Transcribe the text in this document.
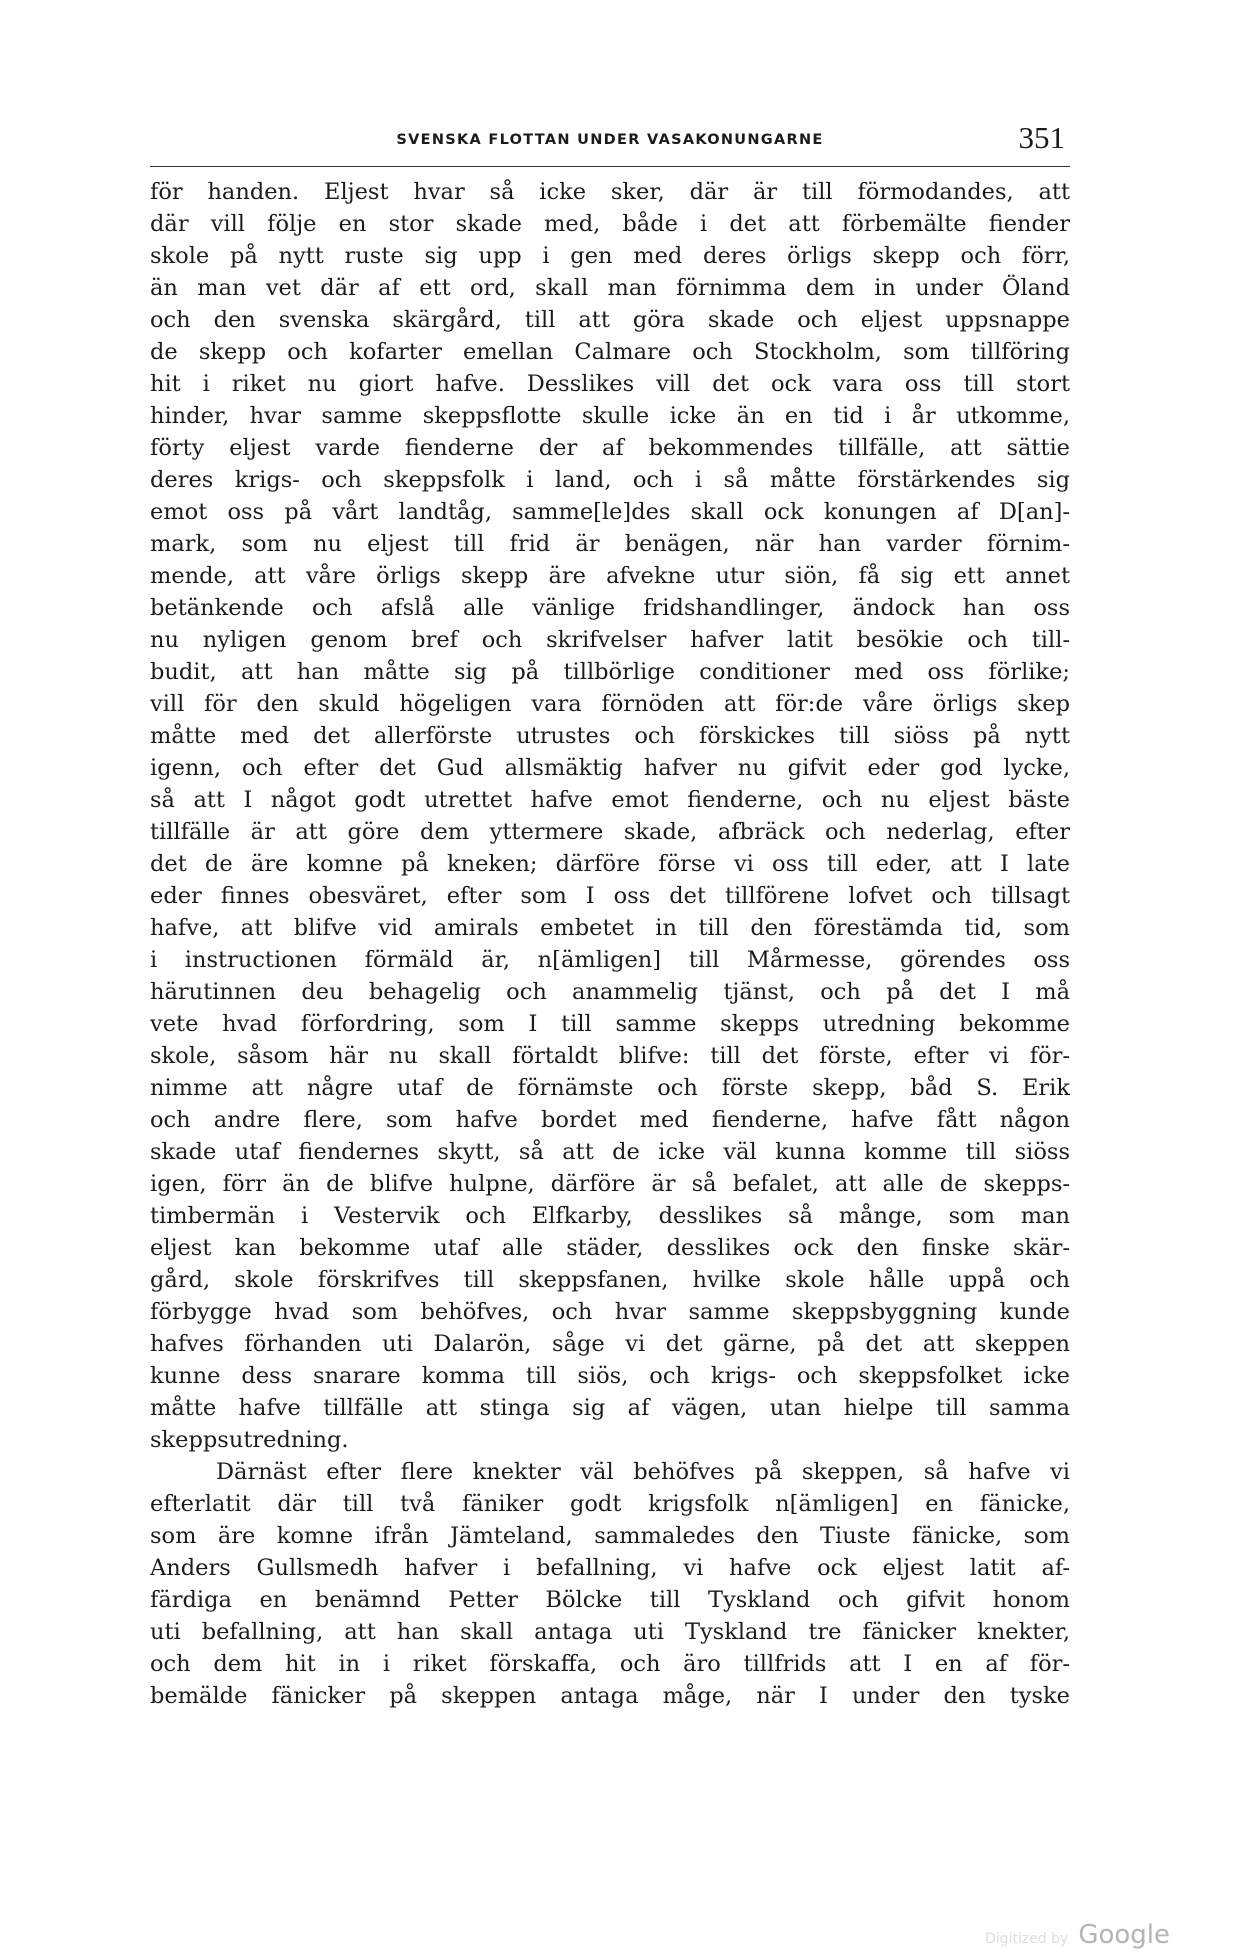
SVENSKA FLOTTAN UNDER VASAKONUNGARNE	351
för handen. Eljest hvar så icke sker, där är till förmodandes, att
där vill följe en stor skade med, både i det att förbemälte fiender
skole på nytt ruste sig upp i gen med deres örligs skepp och förr,
än man vet där af ett ord, skall man förnimma dem in under Öland
och den svenska skärgård, till att göra skade och eljest uppsnappe
de skepp och kofarter emellan Calmare och Stockholm, som tillföring
hit i riket nu giort hafve. Desslikes vill det ock vara oss till stort
hinder, hvar samme skeppsflotte skulle icke än en tid i år utkomme,
förty eljest varde fienderne der af bekommendes tillfälle, att sättie
deres krigs- och skeppsfolk i land, och i så måtte förstärkendes sig
emot oss på vårt landtåg, samme[le]des skall ock konungen af D[an]-
mark, som nu eljest till frid är benägen, när han varder förnim-
mende, att våre örligs skepp äre afvekne utur siön, få sig ett annet
betänkende och afslå alle vänlige fridshandlinger, ändock han oss
nu nyligen genom bref och skrifvelser hafver latit besökie och till-
budit, att han måtte sig på tillbörlige conditioner med oss förlike;
vill för den skuld högeligen vara förnöden att för:de våre örligs skep
måtte med det allerförste utrustes och förskickes till siöss på nytt
igenn, och efter det Gud allsmäktig hafver nu gifvit eder god lycke,
så att I något godt utrettet hafve emot fienderne, och nu eljest bäste
tillfälle är att göre dem yttermere skade, afbräck och nederlag, efter
det de äre komne på kneken; därföre förse vi oss till eder, att I late
eder finnes obesväret, efter som I oss det tillförene lofvet och tillsagt
hafve, att blifve vid amirals embetet in till den förestämda tid, som
i instructionen förmäld är, n[ämligen] till Mårmesse, görendes oss
härutinnen deu behagelig och anammelig tjänst, och på det I må
vete hvad förfordring, som I till samme skepps utredning bekomme
skole, såsom här nu skall förtaldt blifve: till det förste, efter vi för-
nimme att någre utaf de förnämste och förste skepp, båd S. Erik
och andre flere, som hafve bordet med fienderne, hafve fått någon
skade utaf fiendernes skytt, så att de icke väl kunna komme till siöss
igen, förr än de blifve hulpne, därföre är så befalet, att alle de skepps-
timbermän i Vestervik och Elfkarby, desslikes så månge, som man
eljest kan bekomme utaf alle städer, desslikes ock den finske skär-
gård, skole förskrifves till skeppsfanen, hvilke skole hålle uppå och
förbygge hvad som behöfves, och hvar samme skeppsbyggning kunde
hafves förhanden uti Dalarön, såge vi det gärne, på det att skeppen
kunne dess snarare komma till siös, och krigs- och skeppsfolket icke
måtte hafve tillfälle att stinga sig af vägen, utan hielpe till samma
skeppsutredning.
Därnäst efter flere knekter väl behöfves på skeppen, så hafve vi
efterlatit där till två fäniker godt krigsfolk n[ämligen] en fänicke,
som äre komne ifrån Jämteland, sammaledes den Tiuste fänicke, som
Anders Gullsmedh hafver i befallning, vi hafve ock eljest latit af-
färdiga en benämnd Petter Bölcke till Tyskland och gifvit honom
uti befallning, att han skall antaga uti Tyskland tre fänicker knekter,
och dem hit in i riket förskaffa, och äro tillfrids att I en af för-
bemälde fänicker på skeppen antaga måge, när I under den tyske
Digitized by Google
